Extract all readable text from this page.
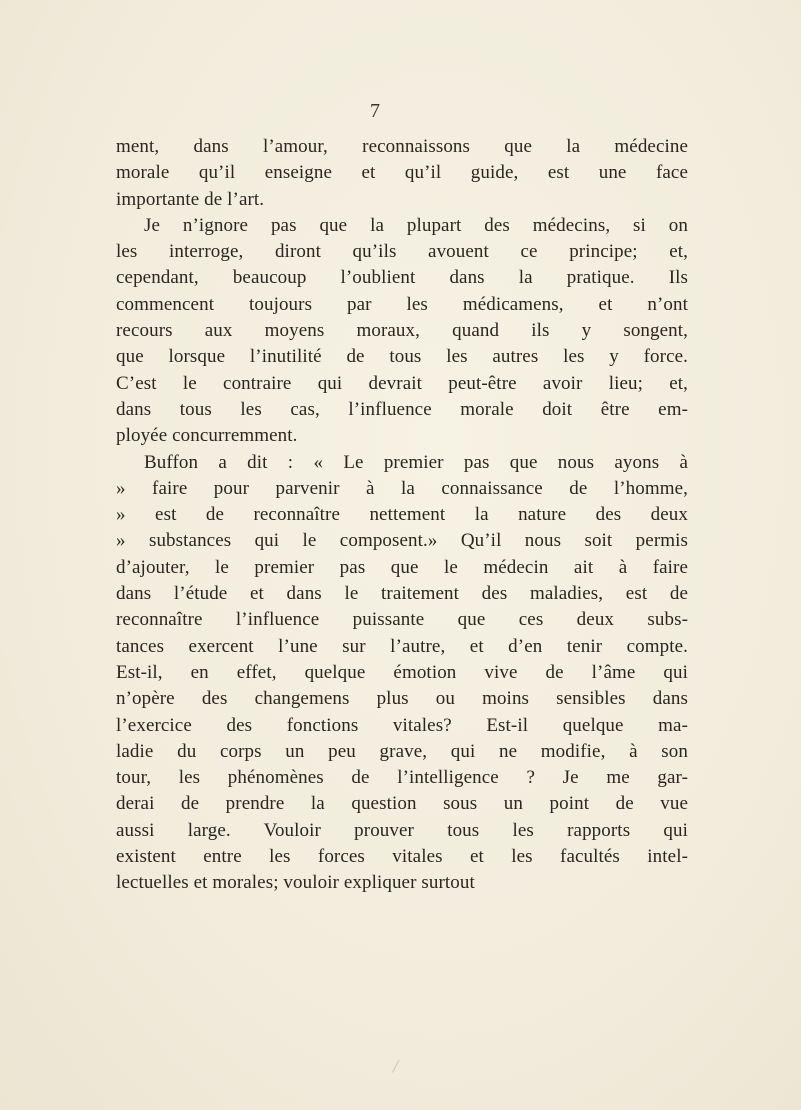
7
ment, dans l’amour, reconnaissons que la médecine
morale qu’il enseigne et qu’il guide, est une face
importante de l’art.
Je n’ignore pas que la plupart des médecins, si on
les interroge, diront qu’ils avouent ce principe; et,
cependant, beaucoup l’oublient dans la pratique. Ils
commencent toujours par les médicamens, et n’ont
recours aux moyens moraux, quand ils y songent,
que lorsque l’inutilité de tous les autres les y force.
C’est le contraire qui devrait peut-être avoir lieu; et,
dans tous les cas, l’influence morale doit être em-
ployée concurremment.
Buffon a dit : « Le premier pas que nous ayons à
» faire pour parvenir à la connaissance de l’homme,
» est de reconnaître nettement la nature des deux
» substances qui le composent.» Qu’il nous soit permis
d’ajouter, le premier pas que le médecin ait à faire
dans l’étude et dans le traitement des maladies, est de
reconnaître l’influence puissante que ces deux subs-
tances exercent l’une sur l’autre, et d’en tenir compte.
Est-il, en effet, quelque émotion vive de l’âme qui
n’opère des changemens plus ou moins sensibles dans
l’exercice des fonctions vitales? Est-il quelque ma-
ladie du corps un peu grave, qui ne modifie, à son
tour, les phénomènes de l’intelligence ? Je me gar-
derai de prendre la question sous un point de vue
aussi large. Vouloir prouver tous les rapports qui
existent entre les forces vitales et les facultés intel-
lectuelles et morales; vouloir expliquer surtout
